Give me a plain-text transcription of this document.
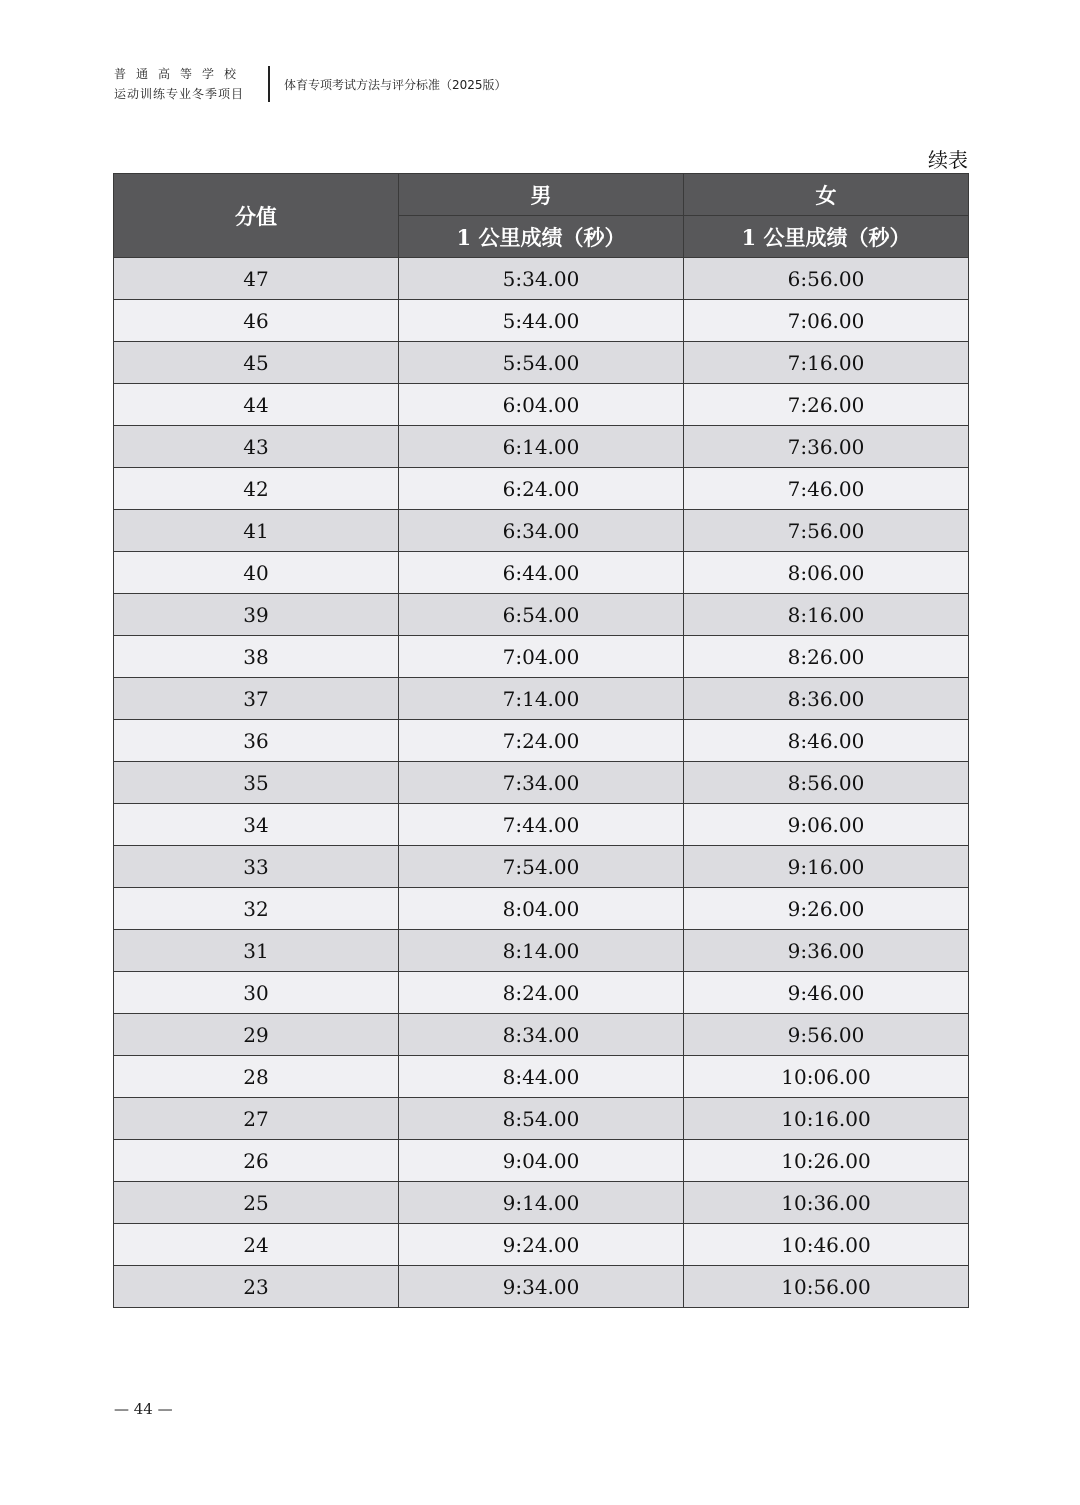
普通高等学校
运动训练专业冬季项目
体育专项考试方法与评分标准（2025版）
续表
分值	男	女
	1 公里成绩（秒）	1 公里成绩（秒）
47	5:34.00	6:56.00
46	5:44.00	7:06.00
45	5:54.00	7:16.00
44	6:04.00	7:26.00
43	6:14.00	7:36.00
42	6:24.00	7:46.00
41	6:34.00	7:56.00
40	6:44.00	8:06.00
39	6:54.00	8:16.00
38	7:04.00	8:26.00
37	7:14.00	8:36.00
36	7:24.00	8:46.00
35	7:34.00	8:56.00
34	7:44.00	9:06.00
33	7:54.00	9:16.00
32	8:04.00	9:26.00
31	8:14.00	9:36.00
30	8:24.00	9:46.00
29	8:34.00	9:56.00
28	8:44.00	10:06.00
27	8:54.00	10:16.00
26	9:04.00	10:26.00
25	9:14.00	10:36.00
24	9:24.00	10:46.00
23	9:34.00	10:56.00
— 44 —
